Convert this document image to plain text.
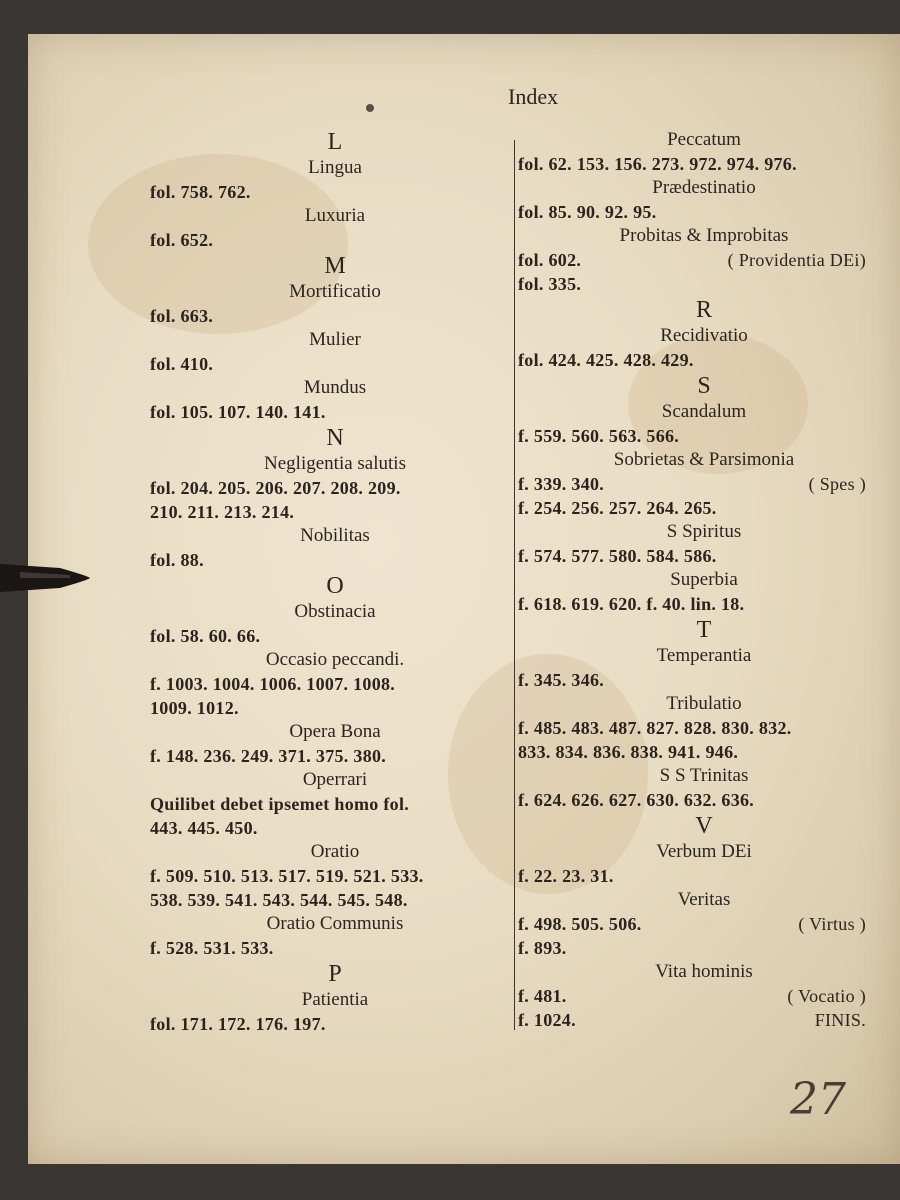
Index
L
Lingua
fol. 758. 762.
Luxuria
fol. 652.
M
Mortificatio
fol. 663.
Mulier
fol. 410.
Mundus
fol. 105. 107. 140. 141.
N
Negligentia salutis
fol. 204. 205. 206. 207. 208. 209.
210. 211. 213. 214.
Nobilitas
fol. 88.
O
Obstinacia
fol. 58. 60. 66.
Occasio peccandi.
f. 1003. 1004. 1006. 1007. 1008.
1009. 1012.
Opera Bona
f. 148. 236. 249. 371. 375. 380.
Operrari
Quilibet debet ipsemet homo fol.
443. 445. 450.
Oratio
f. 509. 510. 513. 517. 519. 521. 533.
538. 539. 541. 543. 544. 545. 548.
Oratio Communis
f. 528. 531. 533.
P
Patientia
fol. 171. 172. 176. 197.
Peccatum
fol. 62. 153. 156. 273. 972. 974. 976.
Prædestinatio
fol. 85. 90. 92. 95.
Probitas & Improbitas
fol. 602.	( Providentia DEi)
fol. 335.
R
Recidivatio
fol. 424. 425. 428. 429.
S
Scandalum
f. 559. 560. 563. 566.
Sobrietas & Parsimonia
f. 339. 340.	( Spes )
f. 254. 256. 257. 264. 265.
S Spiritus
f. 574. 577. 580. 584. 586.
Superbia
f. 618. 619. 620. f. 40. lin. 18.
T
Temperantia
f. 345. 346.
Tribulatio
f. 485. 483. 487. 827. 828. 830. 832.
833. 834. 836. 838. 941. 946.
S S Trinitas
f. 624. 626. 627. 630. 632. 636.
V
Verbum DEi
f. 22. 23. 31.
Veritas
f. 498. 505. 506.	( Virtus )
f. 893.
Vita hominis
f. 481.	( Vocatio )
f. 1024.	FINIS.
27
